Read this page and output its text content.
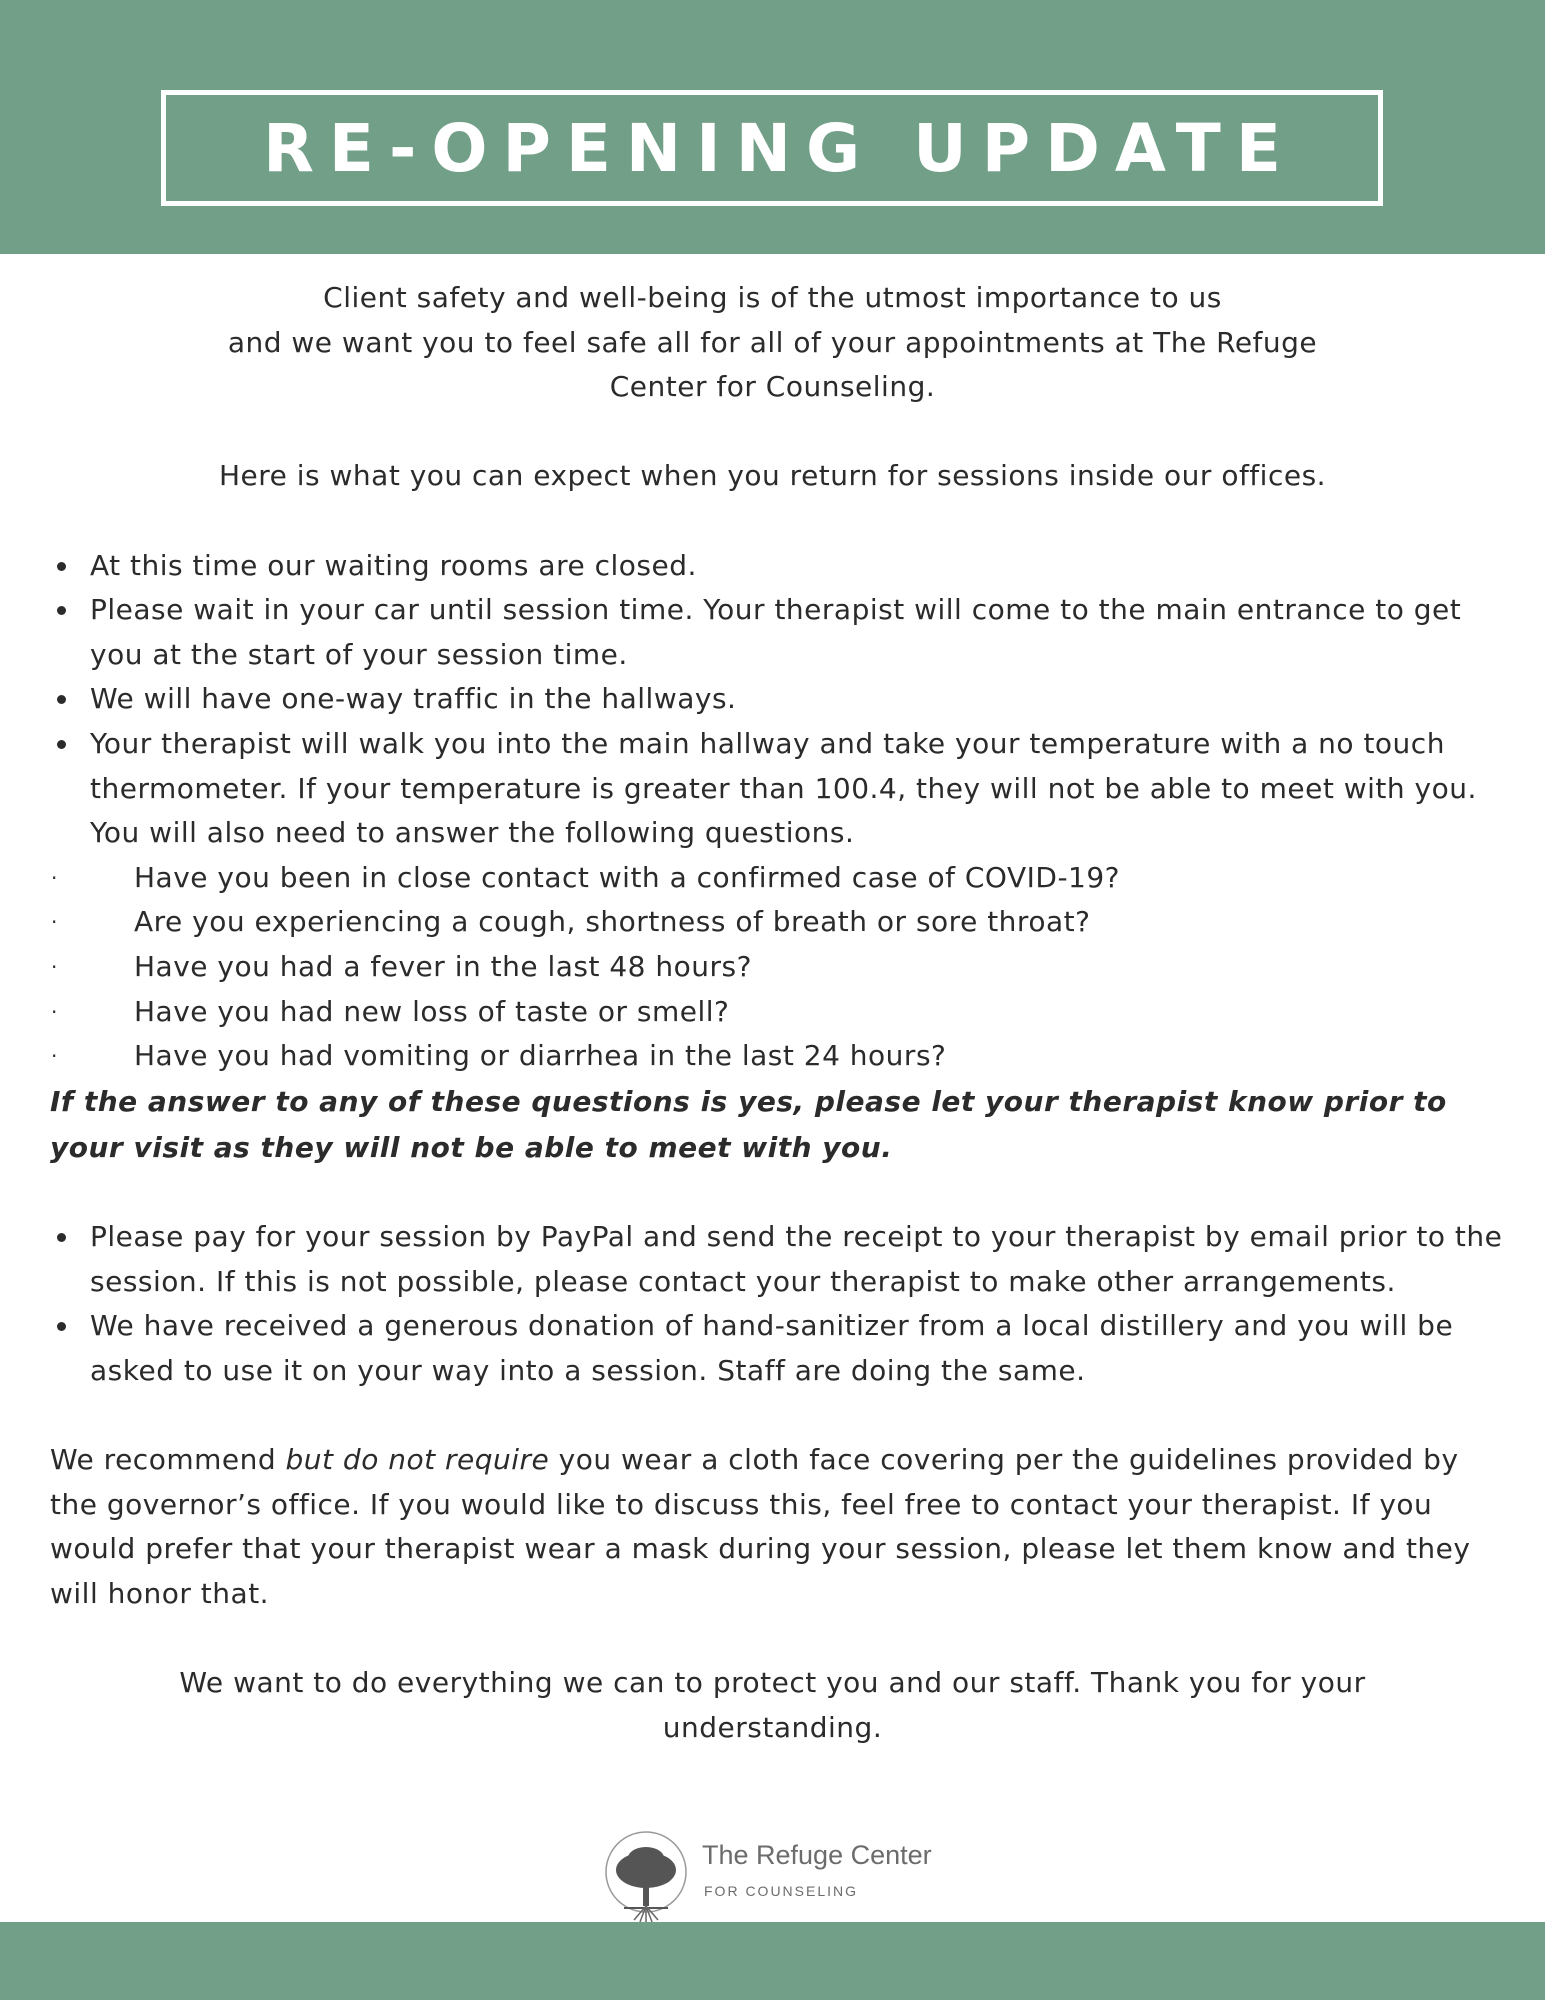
RE-OPENING UPDATE

Client safety and well-being is of the utmost importance to us

and we want you to feel safe all for all of your appointments at The Refuge

Center for Counseling.

Here is what you can expect when you return for sessions inside our offices.

At this time our waiting rooms are closed.
Please wait in your car until session time. Your therapist will come to the main entrance to get you at the start of your session time.
We will have one-way traffic in the hallways.
Your therapist will walk you into the main hallway and take your temperature with a no touch thermometer. If your temperature is greater than 100.4, they will not be able to meet with you. You will also need to answer the following questions.
·	Have you been in close contact with a confirmed case of COVID-19?
·	Are you experiencing a cough, shortness of breath or sore throat?
·	Have you had a fever in the last 48 hours?
·	Have you had new loss of taste or smell?
·	Have you had vomiting or diarrhea in the last 24 hours?

If the answer to any of these questions is yes, please let your therapist know prior to your visit as they will not be able to meet with you.

Please pay for your session by PayPal and send the receipt to your therapist by email prior to the session. If this is not possible, please contact your therapist to make other arrangements.
We have received a generous donation of hand-sanitizer from a local distillery and you will be asked to use it on your way into a session. Staff are doing the same.

We recommend but do not require you wear a cloth face covering per the guidelines provided by the governor’s office. If you would like to discuss this, feel free to contact your therapist. If you would prefer that your therapist wear a mask during your session, please let them know and they will honor that.

We want to do everything we can to protect you and our staff. Thank you for your

understanding.

The Refuge Center
FOR COUNSELING
